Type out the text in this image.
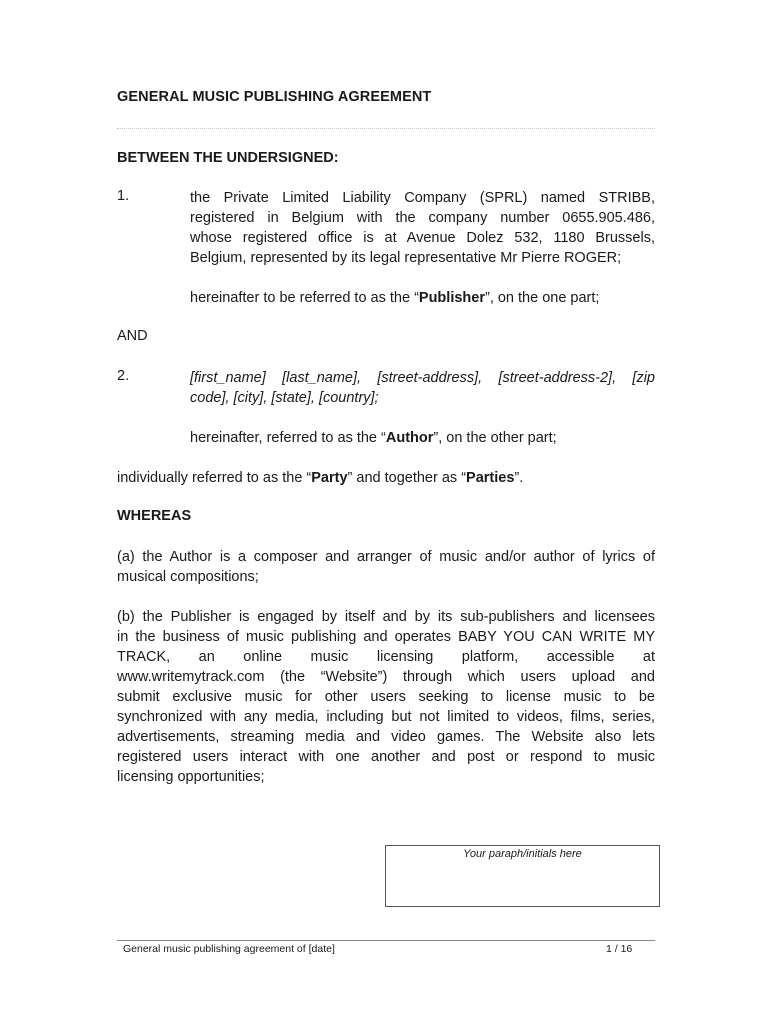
GENERAL MUSIC PUBLISHING AGREEMENT
BETWEEN THE UNDERSIGNED:
1.	the Private Limited Liability Company (SPRL) named STRIBB,
registered in Belgium with the company number 0655.905.486,
whose registered office is at Avenue Dolez 532, 1180 Brussels,
Belgium, represented by its legal representative Mr Pierre ROGER;
hereinafter to be referred to as the “Publisher”, on the one part;
AND
2.	[first_name] [last_name], [street-address], [street-address-2], [zip
code], [city], [state], [country];
hereinafter, referred to as the “Author”, on the other part;
individually referred to as the “Party” and together as “Parties”.
WHEREAS
(a) the Author is a composer and arranger of music and/or author of lyrics of
musical compositions;
(b) the Publisher is engaged by itself and by its sub-publishers and licensees
in the business of music publishing and operates BABY YOU CAN WRITE MY
TRACK, an online music licensing platform, accessible at
www.writemytrack.com (the “Website”) through which users upload and
submit exclusive music for other users seeking to license music to be
synchronized with any media, including but not limited to videos, films, series,
advertisements, streaming media and video games. The Website also lets
registered users interact with one another and post or respond to music
licensing opportunities;
Your paraph/initials here
General music publishing agreement of [date]	1 / 16
